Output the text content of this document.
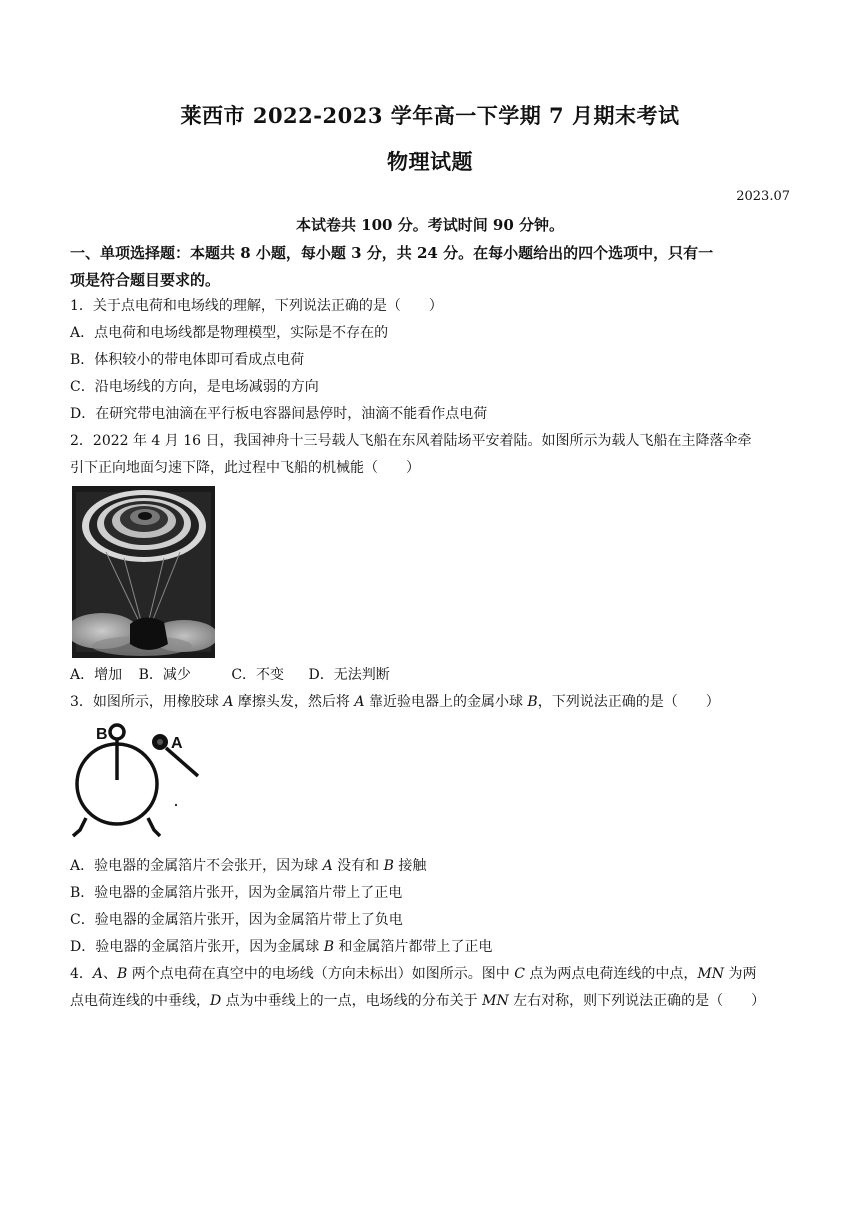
莱西市 2022-2023 学年高一下学期 7 月期末考试
物理试题
2023.07
本试卷共 100 分。考试时间 90 分钟。
一、单项选择题：本题共 8 小题，每小题 3 分，共 24 分。在每小题给出的四个选项中，只有一
项是符合题目要求的。
1．关于点电荷和电场线的理解，下列说法正确的是（　　）
A．点电荷和电场线都是物理模型，实际是不存在的
B．体积较小的带电体即可看成点电荷
C．沿电场线的方向，是电场减弱的方向
D．在研究带电油滴在平行板电容器间悬停时，油滴不能看作点电荷
2．2022 年 4 月 16 日，我国神舟十三号载人飞船在东风着陆场平安着陆。如图所示为载人飞船在主降落伞牵
引下正向地面匀速下降，此过程中飞船的机械能（　　）
A．增加 B．减少	C．不变 D．无法判断
3．如图所示，用橡胶球 A 摩擦头发，然后将 A 靠近验电器上的金属小球 B，下列说法正确的是（　　）
B
A
A．验电器的金属箔片不会张开，因为球 A 没有和 B 接触
B．验电器的金属箔片张开，因为金属箔片带上了正电
C．验电器的金属箔片张开，因为金属箔片带上了负电
D．验电器的金属箔片张开，因为金属球 B 和金属箔片都带上了正电
4．A、B 两个点电荷在真空中的电场线（方向未标出）如图所示。图中 C 点为两点电荷连线的中点，MN 为两
点电荷连线的中垂线，D 点为中垂线上的一点，电场线的分布关于 MN 左右对称，则下列说法正确的是（　　）
